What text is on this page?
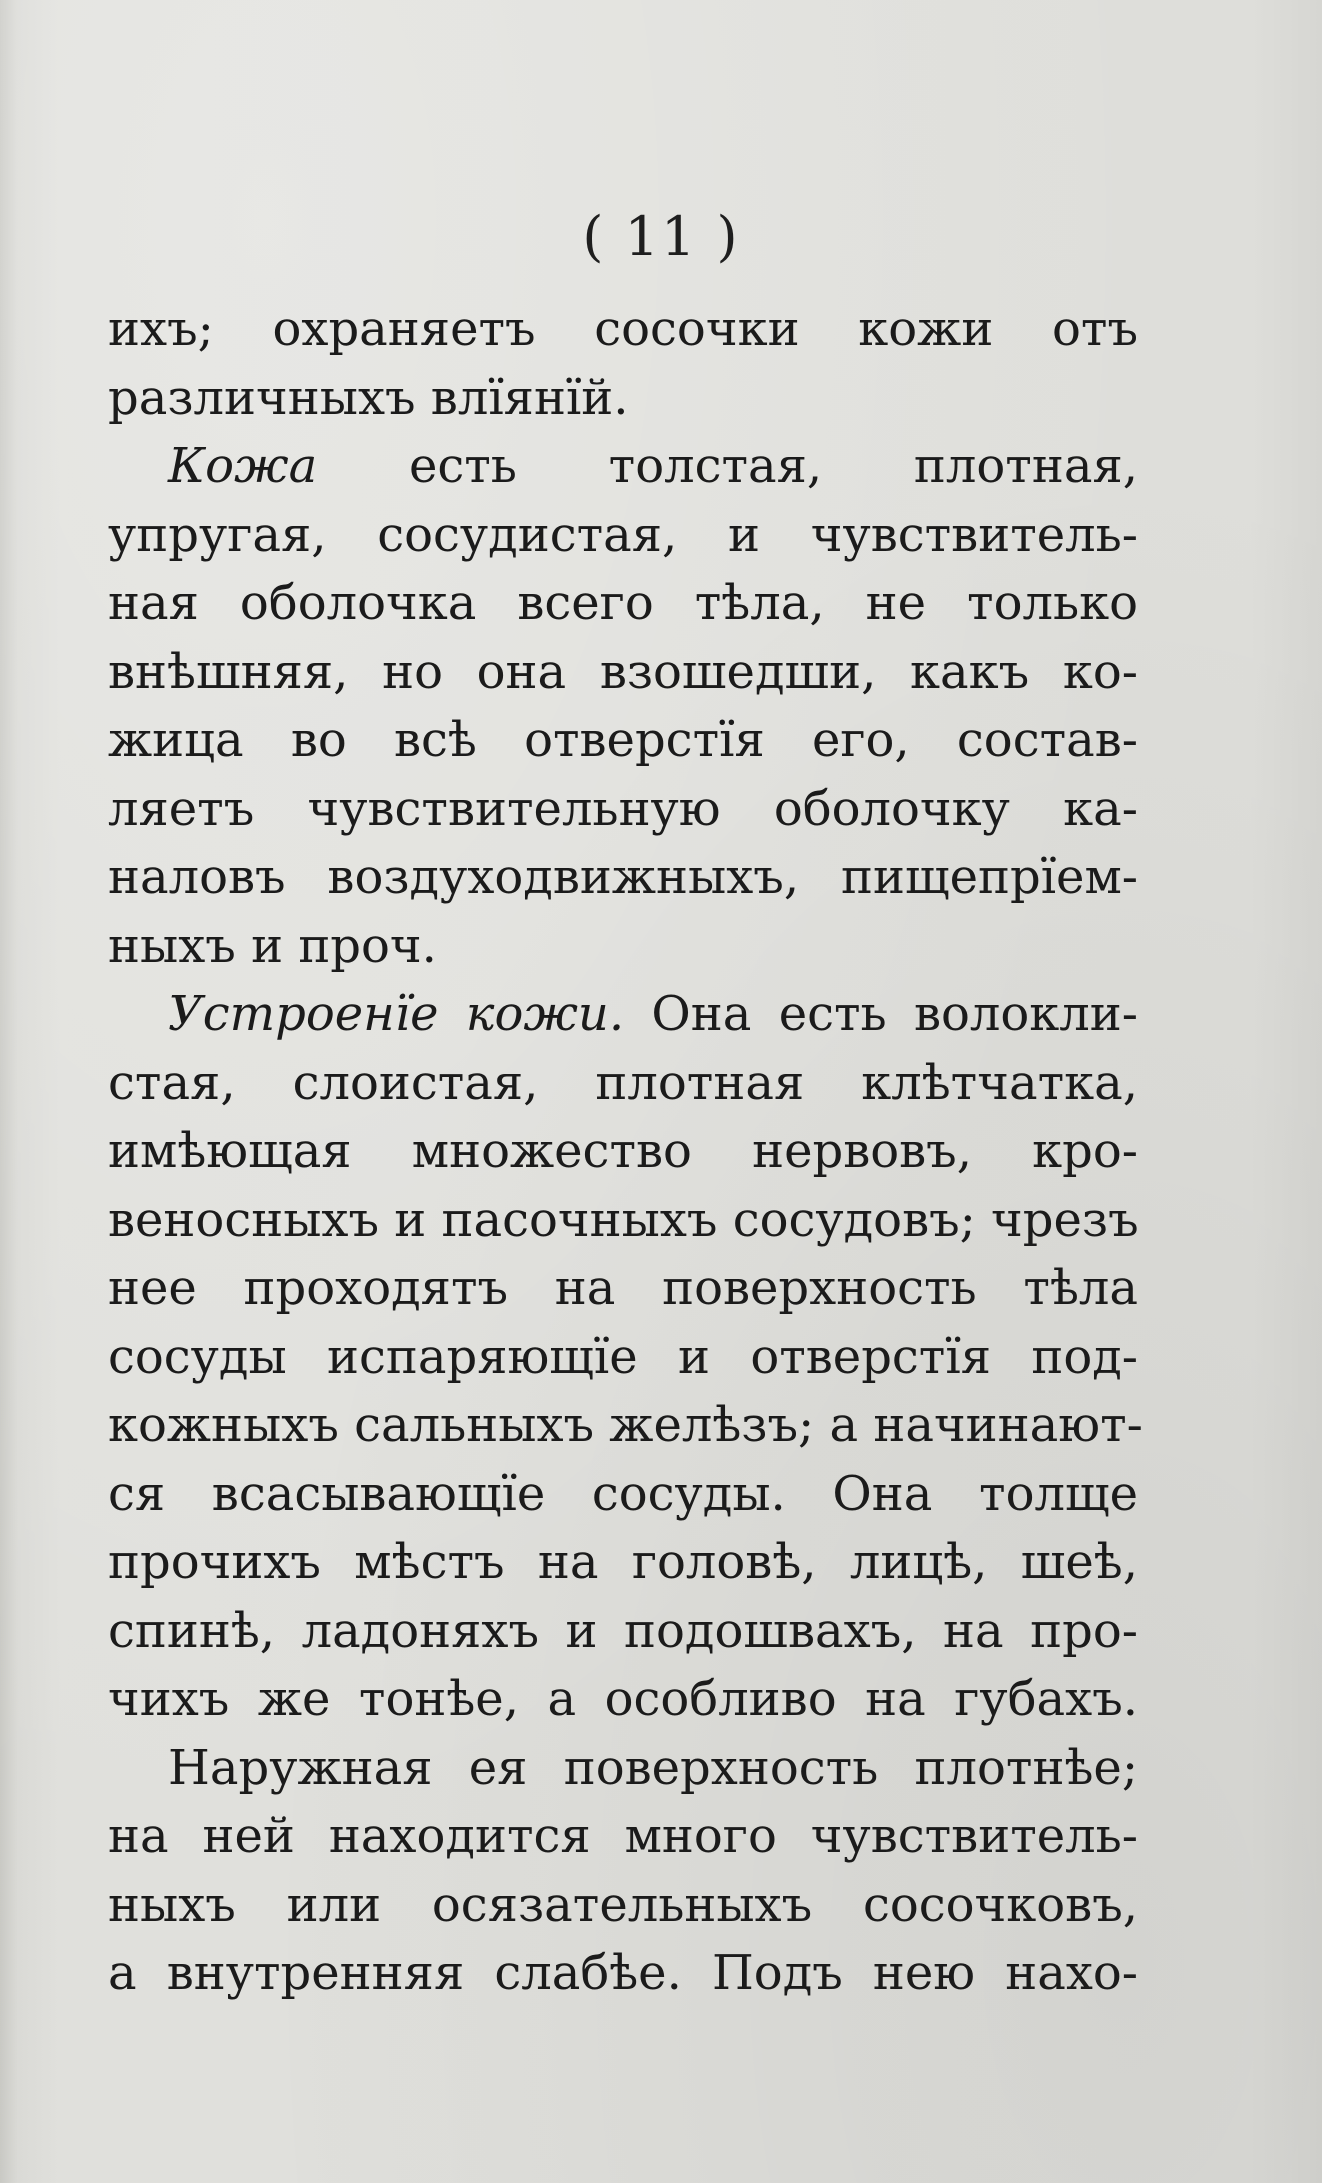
( 11 )
ихъ; охраняетъ сосочки кожи отъ
различныхъ влїянїй.
Кожа есть толстая, плотная,
упругая, сосудистая, и чувствитель-
ная оболочка всего тѣла, не только
внѣшняя, но она взошедши, какъ ко-
жица во всѣ отверстїя его, состав-
ляетъ чувствительную оболочку ка-
наловъ воздуходвижныхъ, пищепрїем-
ныхъ и проч.
Устроенїе кожи. Она есть волокли-
стая, слоистая, плотная клѣтчатка,
имѣющая множество нервовъ, кро-
веносныхъ и пасочныхъ сосудовъ; чрезъ
нее проходятъ на поверхность тѣла
сосуды испаряющїе и отверстїя под-
кожныхъ сальныхъ желѣзъ; а начинают-
ся всасывающїе сосуды. Она толще
прочихъ мѣстъ на головѣ, лицѣ, шеѣ,
спинѣ, ладоняхъ и подошвахъ, на про-
чихъ же тонѣе, а особливо на губахъ.
Наружная ея поверхность плотнѣе;
на ней находится много чувствитель-
ныхъ или осязательныхъ сосочковъ,
а внутренняя слабѣе. Подъ нею нахо-
